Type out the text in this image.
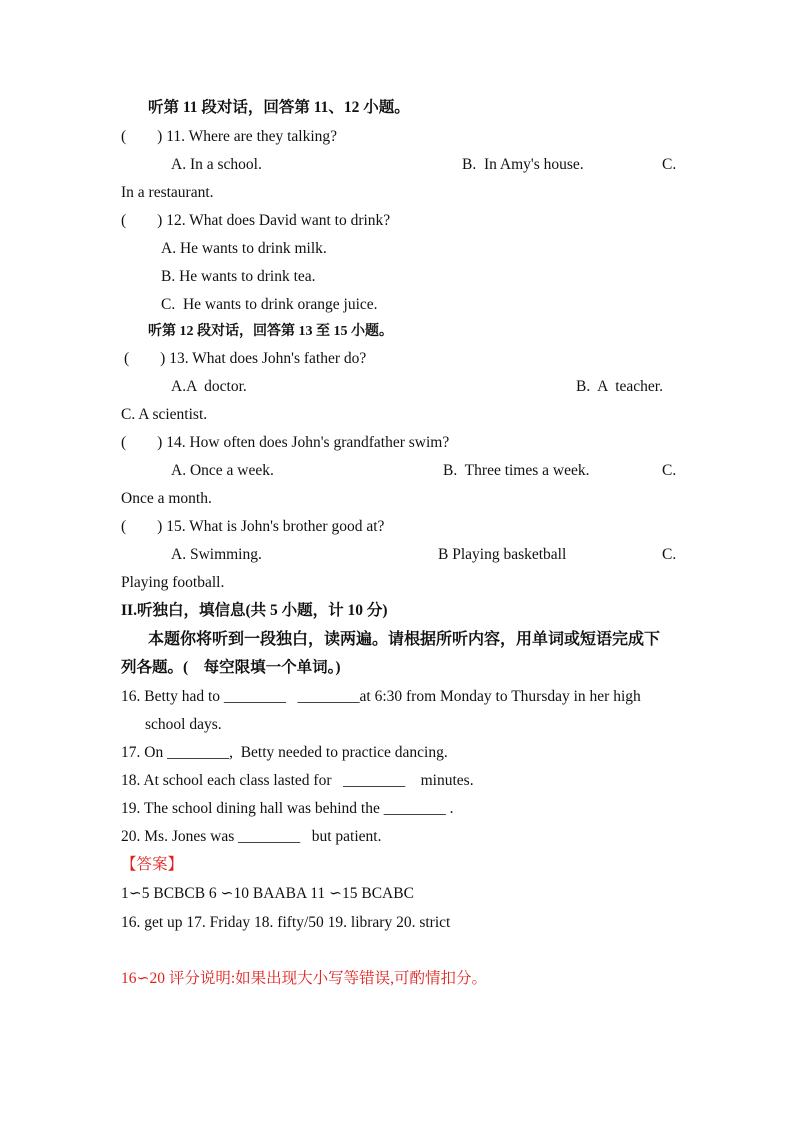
听第 11 段对话，回答第 11、12 小题。
(        ) 11. Where are they talking?
A. In a school.	B.  In Amy's house.	C.
In a restaurant.
(        ) 12. What does David want to drink?
A. He wants to drink milk.
B. He wants to drink tea.
C.  He wants to drink orange juice.
听第 12 段对话，回答第 13 至 15 小题。
(        ) 13. What does John's father do?
A.A  doctor.	B.  A  teacher.
C. A scientist.
(        ) 14. How often does John's grandfather swim?
A. Once a week.	B.  Three times a week.	C.
Once a month.
(        ) 15. What is John's brother good at?
A. Swimming.	B Playing basketball	C.
Playing football.
II.听独白，填信息(共 5 小题，计 10 分)
本题你将听到一段独白，读两遍。请根据所听内容，用单词或短语完成下
列各题。(    每空限填一个单词。)
16. Betty had to ________   ________at 6:30 from Monday to Thursday in her high
school days.
17. On ________,  Betty needed to practice dancing.
18. At school each class lasted for   ________    minutes.
19. The school dining hall was behind the ________ .
20. Ms. Jones was ________   but patient.
【答案】
1∽5 BCBCB 6 ∽10 BAABA 11 ∽15 BCABC
16. get up 17. Friday 18. fifty/50 19. library 20. strict
16∽20 评分说明:如果出现大小写等错误,可酌情扣分。
